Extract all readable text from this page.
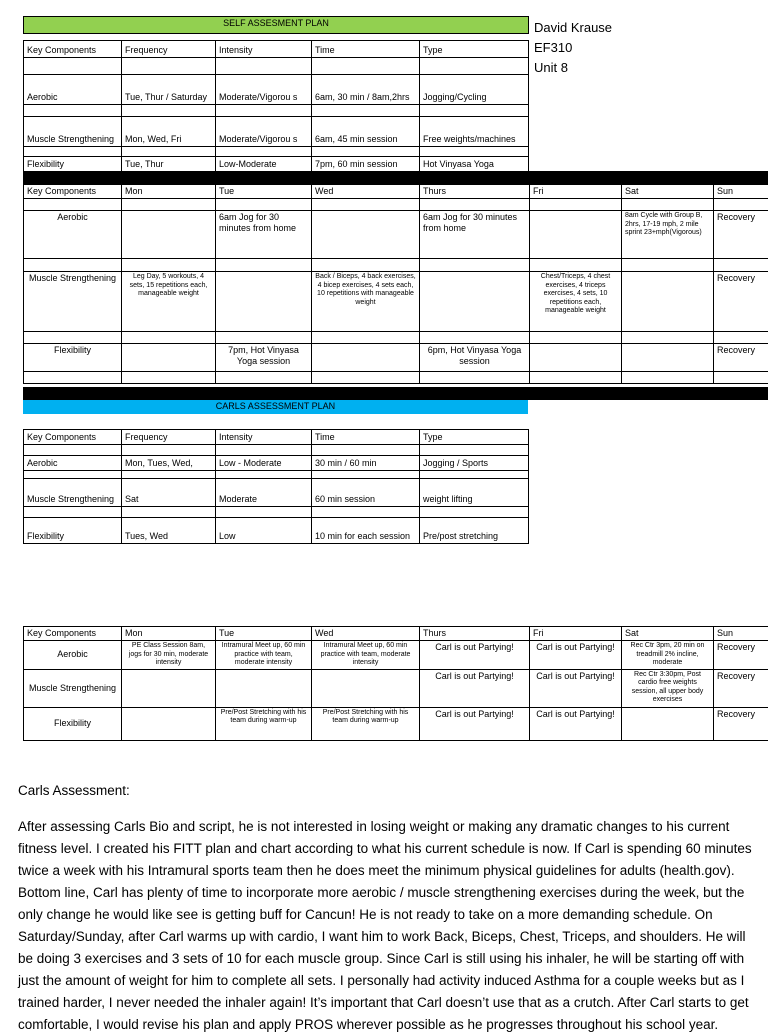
SELF ASSESMENT PLAN	David Krause
EF310
Unit 8
Key Components	Frequency	Intensity	Time	Type

Aerobic	Tue, Thur / Saturday	Moderate/Vigorou s	6am, 30 min / 8am,2hrs	Jogging/Cycling

Muscle Strengthening	Mon, Wed, Fri	Moderate/Vigorou s	6am, 45 min session	Free weights/machines

Flexibility	Tue, Thur	Low-Moderate	7pm, 60 min session	Hot Vinyasa Yoga
Key Components	Mon	Tue	Wed	Thurs	Fri	Sat	Sun

Aerobic		6am Jog for 30 minutes from home		6am Jog for 30 minutes from home		8am Cycle with Group B, 2hrs, 17-19 mph, 2 mile sprint 23+mph(Vigorous)	Recovery

Muscle Strengthening	Leg Day, 5 workouts, 4 sets, 15 repetitions each, manageable weight		Back / Biceps, 4 back exercises, 4 bicep exercises, 4 sets each, 10 repetitions with manageable weight		Chest/Triceps, 4 chest exercises, 4 triceps exercises, 4 sets, 10 repetitions each, manageable weight		Recovery

Flexibility		7pm, Hot Vinyasa Yoga session		6pm, Hot Vinyasa Yoga session			Recovery

CARLS ASSESSMENT PLAN
Key Components	Frequency	Intensity	Time	Type

Aerobic	Mon, Tues, Wed,	Low - Moderate	30 min / 60 min	Jogging / Sports

Muscle Strengthening	Sat	Moderate	60 min session	weight lifting

Flexibility	Tues, Wed	Low	10 min for each session	Pre/post stretching
Key Components	Mon	Tue	Wed	Thurs	Fri	Sat	Sun
Aerobic	PE Class Session 8am, jogs for 30 min, moderate intensity	Intramural Meet up, 60 min practice with team, moderate intensity	Intramural Meet up, 60 min practice with team, moderate intensity	Carl is out Partying!	Carl is out Partying!	Rec Ctr 3pm, 20 min on treadmill 2% incline, moderate	Recovery
Muscle Strengthening				Carl is out Partying!	Carl is out Partying!	Rec Ctr 3:30pm, Post cardio free weights session, all upper body exercises	Recovery
Flexibility		Pre/Post Stretching with his team during warm-up	Pre/Post Stretching with his team during warm-up	Carl is out Partying!	Carl is out Partying!		Recovery
Carls Assessment:

After assessing Carls Bio and script, he is not interested in losing weight or making any dramatic changes to his current fitness level. I created his FITT plan and chart according to what his current schedule is now. If Carl is spending 60 minutes twice a week with his Intramural sports team then he does meet the minimum physical guidelines for adults (health.gov). Bottom line, Carl has plenty of time to incorporate more aerobic / muscle strengthening exercises during the week, but the only change he would like see is getting buff for Cancun! He is not ready to take on a more demanding schedule. On Saturday/Sunday, after Carl warms up with cardio, I want him to work Back, Biceps, Chest, Triceps, and shoulders. He will be doing 3 exercises and 3 sets of 10 for each muscle group. Since Carl is still using his inhaler, he will be starting off with just the amount of weight for him to complete all sets. I personally had activity induced Asthma for a couple weeks but as I trained harder, I never needed the inhaler again! It’s important that Carl doesn’t use that as a crutch. After Carl starts to get comfortable, I would revise his plan and apply PROS wherever possible as he progresses throughout his school year.
